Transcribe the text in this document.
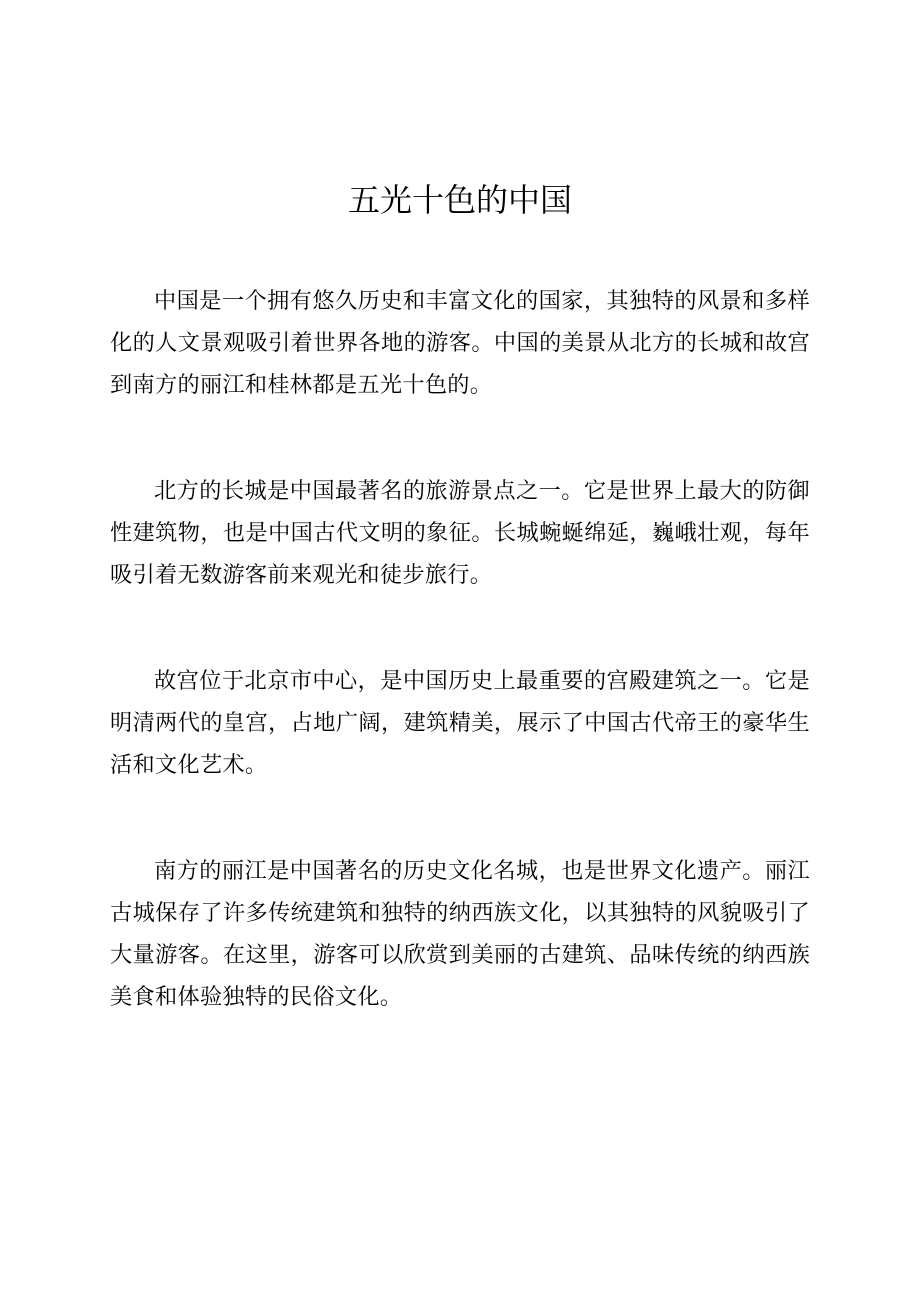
五光十色的中国

中国是一个拥有悠久历史和丰富文化的国家，其独特的风景和多样化的人文景观吸引着世界各地的游客。中国的美景从北方的长城和故宫到南方的丽江和桂林都是五光十色的。

北方的长城是中国最著名的旅游景点之一。它是世界上最大的防御性建筑物，也是中国古代文明的象征。长城蜿蜒绵延，巍峨壮观，每年吸引着无数游客前来观光和徒步旅行。

故宫位于北京市中心，是中国历史上最重要的宫殿建筑之一。它是明清两代的皇宫，占地广阔，建筑精美，展示了中国古代帝王的豪华生活和文化艺术。

南方的丽江是中国著名的历史文化名城，也是世界文化遗产。丽江古城保存了许多传统建筑和独特的纳西族文化，以其独特的风貌吸引了大量游客。在这里，游客可以欣赏到美丽的古建筑、品味传统的纳西族美食和体验独特的民俗文化。
